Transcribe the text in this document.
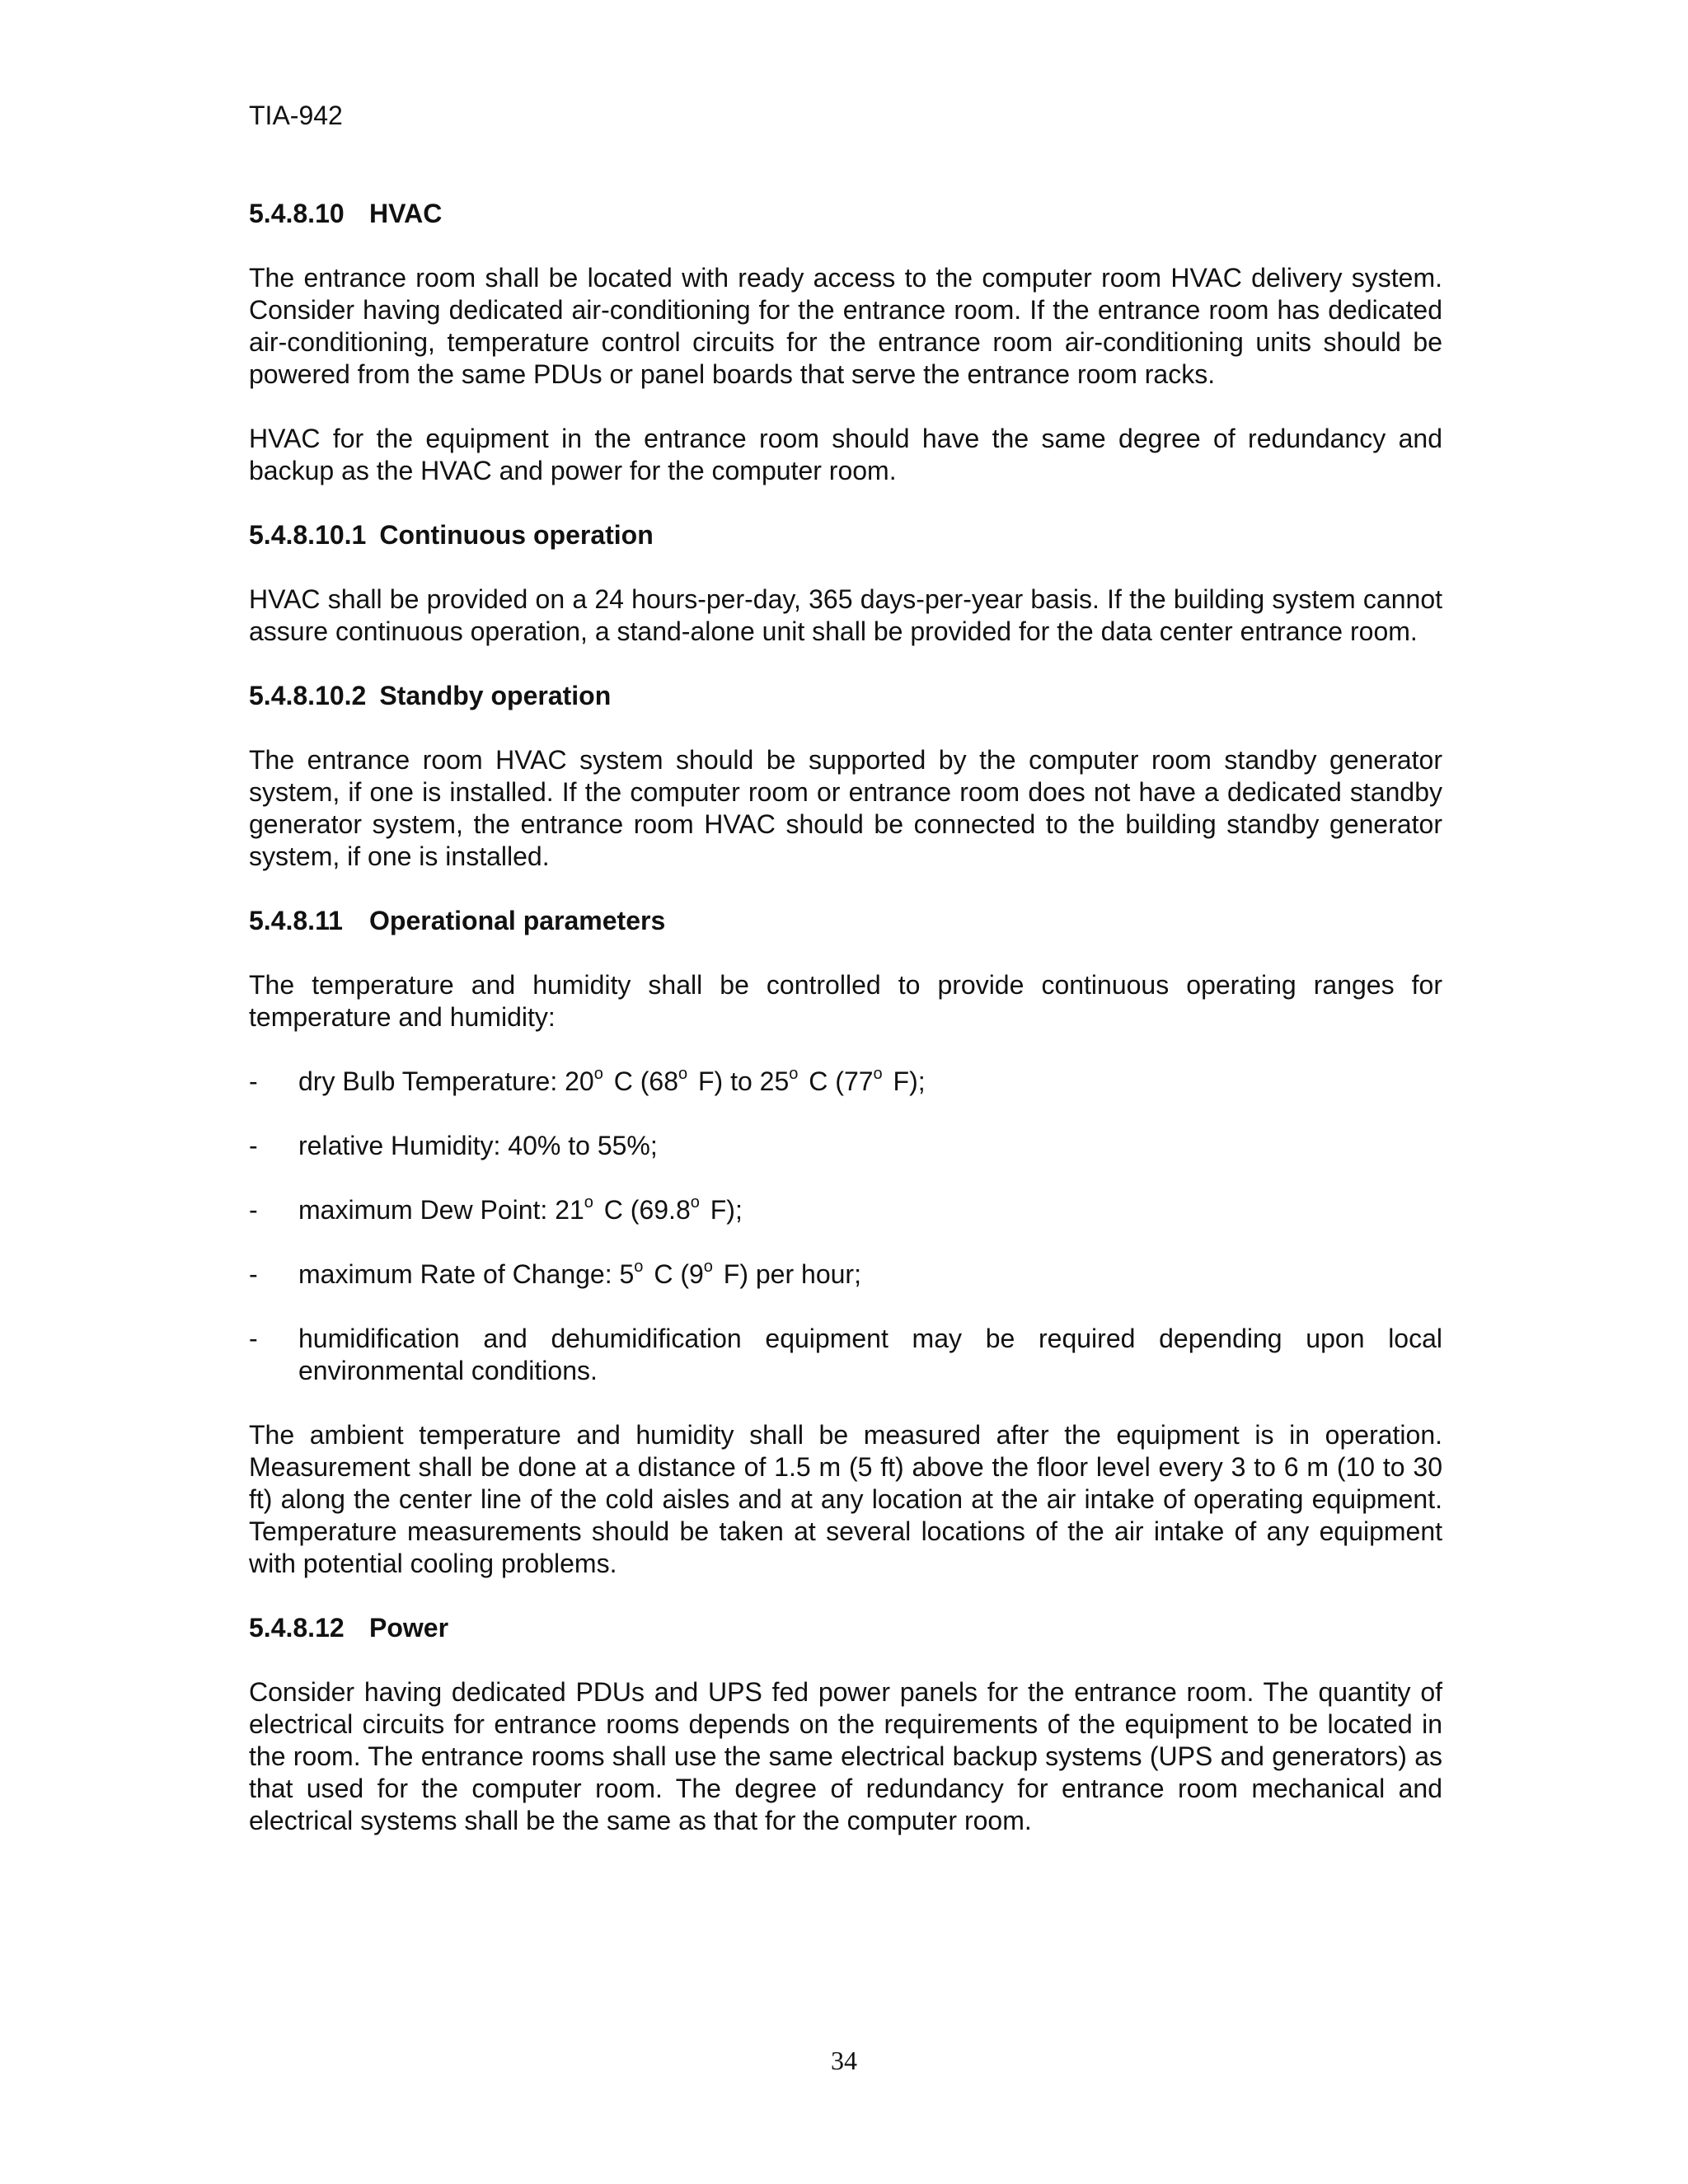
TIA-942
5.4.8.10 HVAC

The entrance room shall be located with ready access to the computer room HVAC delivery system. Consider having dedicated air-conditioning for the entrance room. If the entrance room has dedicated air-conditioning, temperature control circuits for the entrance room air-conditioning units should be powered from the same PDUs or panel boards that serve the entrance room racks.

HVAC for the equipment in the entrance room should have the same degree of redundancy and backup as the HVAC and power for the computer room.

5.4.8.10.1 Continuous operation

HVAC shall be provided on a 24 hours-per-day, 365 days-per-year basis. If the building system cannot assure continuous operation, a stand-alone unit shall be provided for the data center entrance room.

5.4.8.10.2 Standby operation

The entrance room HVAC system should be supported by the computer room standby generator system, if one is installed. If the computer room or entrance room does not have a dedicated standby generator system, the entrance room HVAC should be connected to the building standby generator system, if one is installed.

5.4.8.11 Operational parameters

The temperature and humidity shall be controlled to provide continuous operating ranges for temperature and humidity:

- dry Bulb Temperature: 20$^o$ C (68$^o$ F) to 25$^o$ C (77$^o$ F);
- relative Humidity: 40% to 55%;
- maximum Dew Point: 21$^o$ C (69.8$^o$ F);
- maximum Rate of Change: 5$^o$ C (9$^o$ F) per hour;
- humidification and dehumidification equipment may be required depending upon local environmental conditions.

The ambient temperature and humidity shall be measured after the equipment is in operation. Measurement shall be done at a distance of 1.5 m (5 ft) above the floor level every 3 to 6 m (10 to 30 ft) along the center line of the cold aisles and at any location at the air intake of operating equipment. Temperature measurements should be taken at several locations of the air intake of any equipment with potential cooling problems.

5.4.8.12 Power

Consider having dedicated PDUs and UPS fed power panels for the entrance room. The quantity of electrical circuits for entrance rooms depends on the requirements of the equipment to be located in the room. The entrance rooms shall use the same electrical backup systems (UPS and generators) as that used for the computer room. The degree of redundancy for entrance room mechanical and electrical systems shall be the same as that for the computer room.

34
